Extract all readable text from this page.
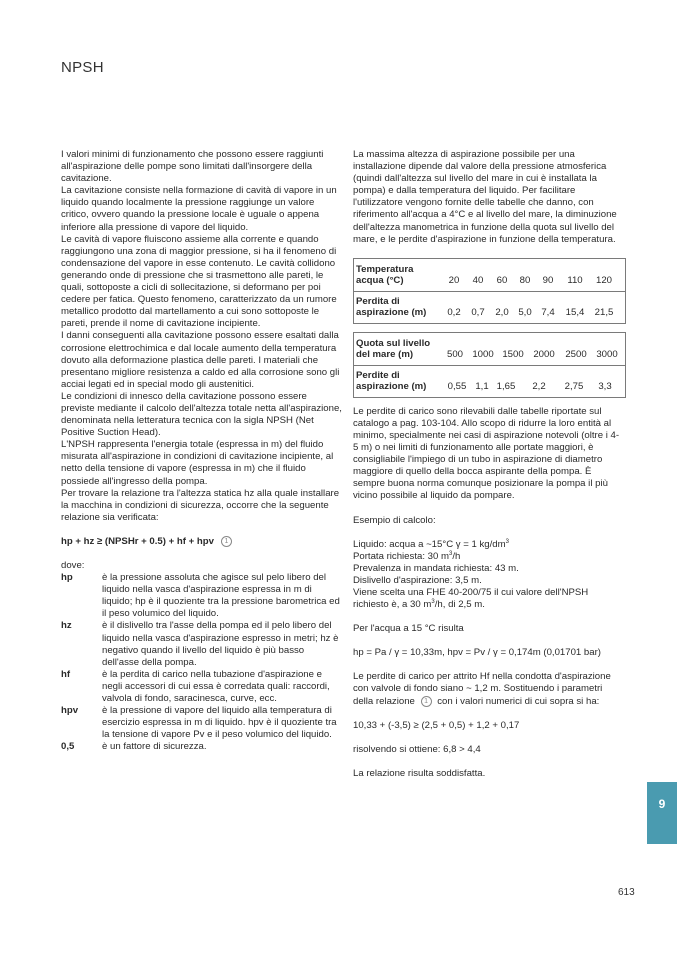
NPSH

I valori minimi di funzionamento che possono essere raggiunti all'aspirazione delle pompe sono limitati dall'insorgere della cavitazione.

La cavitazione consiste nella formazione di cavità di vapore in un liquido quando localmente la pressione raggiunge un valore critico, ovvero quando la pressione locale è uguale o appena inferiore alla pressione di vapore del liquido.

Le cavità di vapore fluiscono assieme alla corrente e quando raggiungono una zona di maggior pressione, si ha il fenomeno di condensazione del vapore in esse contenuto. Le cavità collidono generando onde di pressione che si trasmettono alle pareti, le quali, sottoposte a cicli di sollecitazione, si deformano per poi cedere per fatica. Questo fenomeno, caratterizzato da un rumore metallico prodotto dal martellamento a cui sono sottoposte le pareti, prende il nome di cavitazione incipiente.

I danni conseguenti alla cavitazione possono essere esaltati dalla corrosione elettrochimica e dal locale aumento della temperatura dovuto alla deformazione plastica delle pareti. I materiali che presentano migliore resistenza a caldo ed alla corrosione sono gli acciai legati ed in special modo gli austenitici.

Le condizioni di innesco della cavitazione possono essere previste mediante il calcolo dell'altezza totale netta all'aspirazione, denominata nella letteratura tecnica con la sigla NPSH (Net Positive Suction Head).

L'NPSH rappresenta l'energia totale (espressa in m) del fluido misurata all'aspirazione in condizioni di cavitazione incipiente, al netto della tensione di vapore (espressa in m) che il fluido possiede all'ingresso della pompa.

Per trovare la relazione tra l'altezza statica hz alla quale installare la macchina in condizioni di sicurezza, occorre che la seguente relazione sia verificata:

hp + hz ≥ (NPSHr + 0.5) + hf + hpv	1

dove:

hp	è la pressione assoluta che agisce sul pelo libero del liquido nella vasca d'aspirazione espressa in m di liquido; hp è il quoziente tra la pressione barometrica ed il peso volumico del liquido.
hz	è il dislivello tra l'asse della pompa ed il pelo libero del liquido nella vasca d'aspirazione espresso in metri; hz è negativo quando il livello del liquido è più basso dell'asse della pompa.
hf	è la perdita di carico nella tubazione d'aspirazione e negli accessori di cui essa è corredata quali: raccordi, valvola di fondo, saracinesca, curve, ecc.
hpv	è la pressione di vapore del liquido alla temperatura di esercizio espressa in m di liquido. hpv è il quoziente tra la tensione di vapore Pv e il peso volumico del liquido.
0,5	è un fattore di sicurezza.

La massima altezza di aspirazione possibile per una installazione dipende dal valore della pressione atmosferica (quindi dall'altezza sul livello del mare in cui è installata la pompa) e dalla temperatura del liquido. Per facilitare l'utilizzatore vengono fornite delle tabelle che danno, con riferimento all'acqua a 4°C e al livello del mare, la diminuzione dell'altezza manometrica in funzione della quota sul livello del mare, e le perdite d'aspirazione in funzione della temperatura.

Temperatura acqua (°C)	20	40	60	80	90	110	120
Perdita di aspirazione (m)	0,2	0,7	2,0	5,0	7,4	15,4	21,5
Quota sul livello del mare (m)	500 1000 1500	2000	2500	3000
Perdite di aspirazione (m)	0,55 1,1 1,65	2,2	2,75	3,3

Le perdite di carico sono rilevabili dalle tabelle riportate sul catalogo a pag. 103-104. Allo scopo di ridurre la loro entità al minimo, specialmente nei casi di aspirazione notevoli (oltre i 4-5 m) o nei limiti di funzionamento alle portate maggiori, è consigliabile l'impiego di un tubo in aspirazione di diametro maggiore di quello della bocca aspirante della pompa. È sempre buona norma comunque posizionare la pompa il più vicino possibile al liquido da pompare.

Esempio di calcolo:

Liquido: acqua a ~15°C γ = 1 $kg/dm^3$

Portata richiesta: 30 $m^3/h$

Prevalenza in mandata richiesta: 43 m.

Dislivello d'aspirazione: 3,5 m.

Viene scelta una FHE 40-200/75 il cui valore dell'NPSH richiesto è, a 30 $m^3/h$, di 2,5 m.

Per l'acqua a 15 °C risulta

hp = Pa / γ = 10,33m, hpv = Pv / γ = 0,174m (0,01701 bar)

Le perdite di carico per attrito Hf nella condotta d'aspirazione con valvole di fondo siano ~ 1,2 m. Sostituendo i parametri della relazione 1 con i valori numerici di cui sopra si ha:

10,33 + (-3,5) ≥ (2,5 + 0,5) + 1,2 + 0,17

risolvendo si ottiene: 6,8 > 4,4

La relazione risulta soddisfatta.

9
613
